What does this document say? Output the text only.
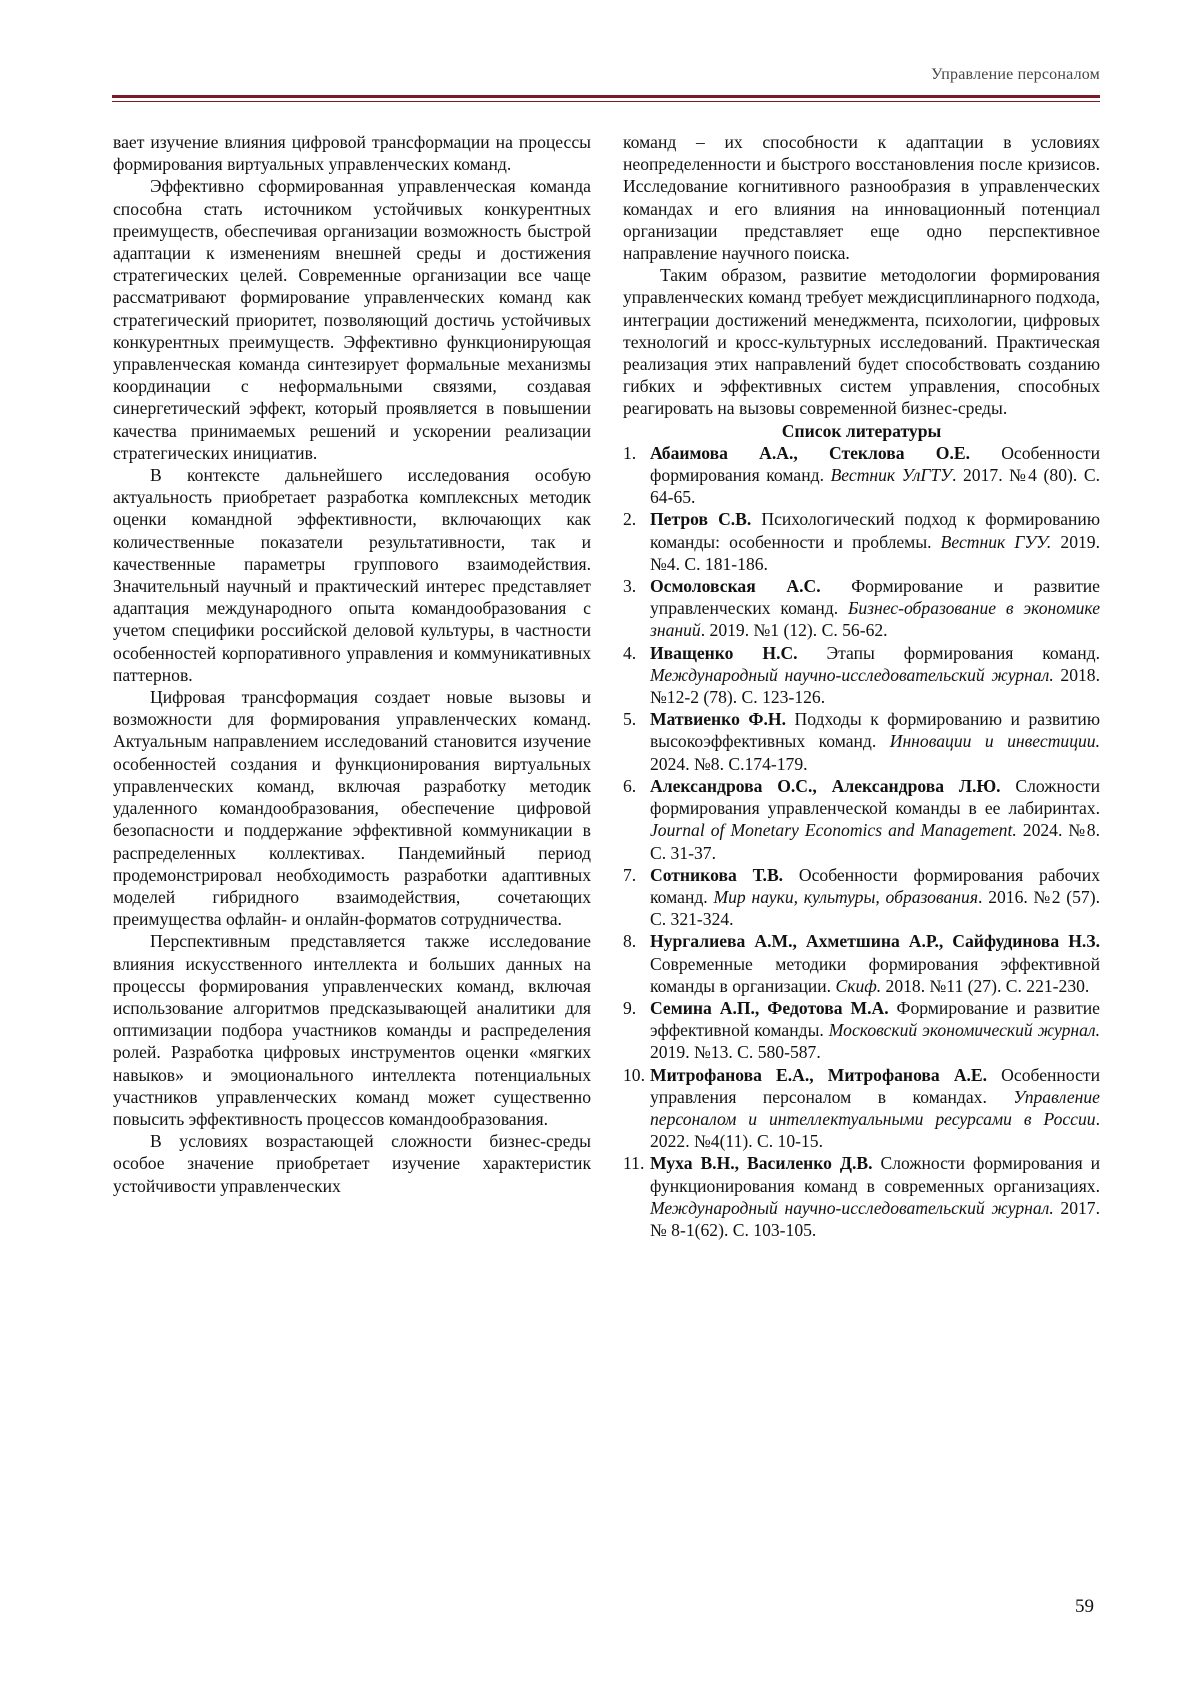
Управление персоналом

вает изучение влияния цифровой трансформации на процессы формирования виртуальных управленческих команд.

Эффективно сформированная управленческая команда способна стать источником устойчивых конкурентных преимуществ, обеспечивая организации возможность быстрой адаптации к изменениям внешней среды и достижения стратегических целей. Современные организации все чаще рассматривают формирование управленческих команд как стратегический приоритет, позволяющий достичь устойчивых конкурентных преимуществ. Эффективно функционирующая управленческая команда синтезирует формальные механизмы координации с неформальными связями, создавая синергетический эффект, который проявляется в повышении качества принимаемых решений и ускорении реализации стратегических инициатив.

В контексте дальнейшего исследования особую актуальность приобретает разработка комплексных методик оценки командной эффективности, включающих как количественные показатели результативности, так и качественные параметры группового взаимодействия. Значительный научный и практический интерес представляет адаптация международного опыта командообразования с учетом специфики российской деловой культуры, в частности особенностей корпоративного управления и коммуникативных паттернов.

Цифровая трансформация создает новые вызовы и возможности для формирования управленческих команд. Актуальным направлением исследований становится изучение особенностей создания и функционирования виртуальных управленческих команд, включая разработку методик удаленного командообразования, обеспечение цифровой безопасности и поддержание эффективной коммуникации в распределенных коллективах. Пандемийный период продемонстрировал необходимость разработки адаптивных моделей гибридного взаимодействия, сочетающих преимущества офлайн- и онлайн-форматов сотрудничества.

Перспективным представляется также исследование влияния искусственного интеллекта и больших данных на процессы формирования управленческих команд, включая использование алгоритмов предсказывающей аналитики для оптимизации подбора участников команды и распределения ролей. Разработка цифровых инструментов оценки «мягких навыков» и эмоционального интеллекта потенциальных участников управленческих команд может существенно повысить эффективность процессов командообразования.

В условиях возрастающей сложности бизнес-среды особое значение приобретает изучение характеристик устойчивости управленческих

команд – их способности к адаптации в условиях неопределенности и быстрого восстановления после кризисов. Исследование когнитивного разнообразия в управленческих командах и его влияния на инновационный потенциал организации представляет еще одно перспективное направление научного поиска.

Таким образом, развитие методологии формирования управленческих команд требует междисциплинарного подхода, интеграции достижений менеджмента, психологии, цифровых технологий и кросс-культурных исследований. Практическая реализация этих направлений будет способствовать созданию гибких и эффективных систем управления, способных реагировать на вызовы современной бизнес-среды.

Список литературы

1. Абаимова А.А., Стеклова О.Е. Особенности формирования команд. Вестник УлГТУ. 2017. №4 (80). С. 64-65.
2. Петров С.В. Психологический подход к формированию команды: особенности и проблемы. Вестник ГУУ. 2019. №4. С. 181-186.
3. Осмоловская А.С. Формирование и развитие управленческих команд. Бизнес-образование в экономике знаний. 2019. №1 (12). С. 56-62.
4. Иващенко Н.С. Этапы формирования команд. Международный научно-исследовательский журнал. 2018. №12-2 (78). С. 123-126.
5. Матвиенко Ф.Н. Подходы к формированию и развитию высокоэффективных команд. Инновации и инвестиции. 2024. №8. С.174-179.
6. Александрова О.С., Александрова Л.Ю. Сложности формирования управленческой команды в ее лабиринтах. Journal of Monetary Economics and Management. 2024. №8. С. 31-37.
7. Сотникова Т.В. Особенности формирования рабочих команд. Мир науки, культуры, образования. 2016. №2 (57). С. 321-324.
8. Нургалиева А.М., Ахметшина А.Р., Сайфудинова Н.З. Современные методики формирования эффективной команды в организации. Скиф. 2018. №11 (27). С. 221-230.
9. Семина А.П., Федотова М.А. Формирование и развитие эффективной команды. Московский экономический журнал. 2019. №13. С. 580-587.
10. Митрофанова Е.А., Митрофанова А.Е. Особенности управления персоналом в командах. Управление персоналом и интеллектуальными ресурсами в России. 2022. №4(11). С. 10-15.
11. Муха В.Н., Василенко Д.В. Сложности формирования и функционирования команд в современных организациях. Международный научно-исследовательский журнал. 2017. № 8-1(62). С. 103-105.
59
